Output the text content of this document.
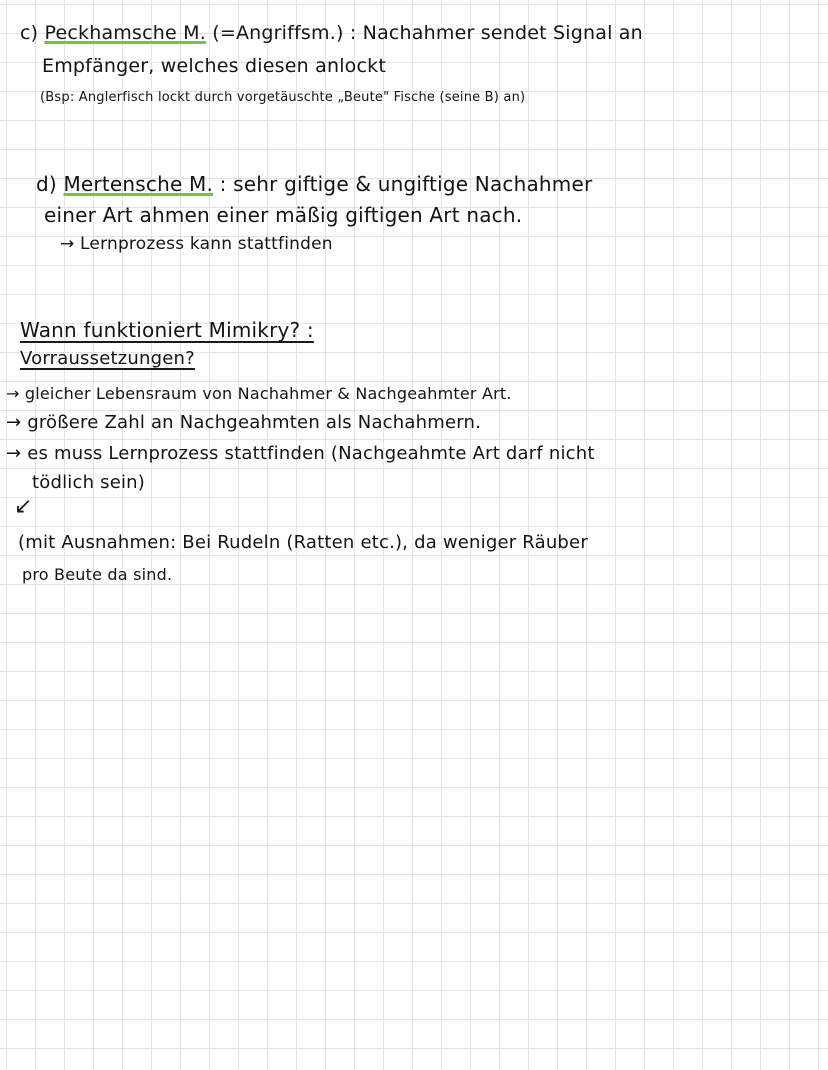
c) Peckhamsche M. (=Angriffsm.) : Nachahmer sendet Signal an
Empfänger, welches diesen anlockt
(Bsp: Anglerfisch lockt durch vorgetäuschte „Beute" Fische (seine B) an)
d) Mertensche M. : sehr giftige & ungiftige Nachahmer
einer Art ahmen einer mäßig giftigen Art nach.
→ Lernprozess kann stattfinden
Wann funktioniert Mimikry? :
Vorraussetzungen?
→ gleicher Lebensraum von Nachahmer & Nachgeahmter Art.
→ größere Zahl an Nachgeahmten als Nachahmern.
→ es muss Lernprozess stattfinden (Nachgeahmte Art darf nicht
tödlich sein)
↙
(mit Ausnahmen: Bei Rudeln (Ratten etc.), da weniger Räuber
pro Beute da sind.
